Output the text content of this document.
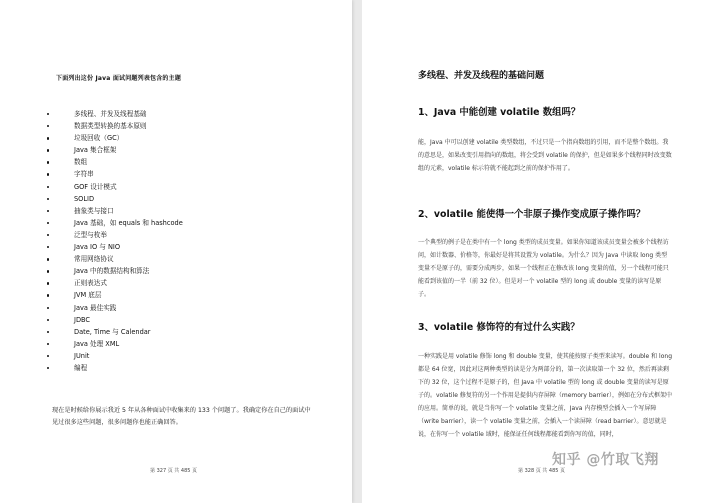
下面列出这份 Java 面试问题列表包含的主题
多线程、并发及线程基础
数据类型转换的基本原则
垃圾回收（GC）
Java 集合框架
数组
字符串
GOF 设计模式
SOLID
抽象类与接口
Java 基础，如 equals 和 hashcode
泛型与枚举
Java IO 与 NIO
常用网络协议
Java 中的数据结构和算法
正则表达式
JVM 底层
Java 最佳实践
JDBC
Date, Time 与 Calendar
Java 处理 XML
JUnit
编程
现在是时候给你展示我近 5 年从各种面试中收集来的 133 个问题了。我确定你在自己的面试中见过很多这些问题，很多问题你也能正确回答。
第 327 页 共 485 页
多线程、并发及线程的基础问题
1、Java 中能创建 volatile 数组吗？
能，Java 中可以创建 volatile 类型数组，不过只是一个指向数组的引用，而不是整个数组。我的意思是，如果改变引用指向的数组，将会受到 volatile 的保护，但是如果多个线程同时改变数组的元素，volatile 标示符就不能起到之前的保护作用了。
2、volatile 能使得一个非原子操作变成原子操作吗？
一个典型的例子是在类中有一个 long 类型的成员变量。如果你知道该成员变量会被多个线程访问，如计数器、价格等，你最好是将其设置为 volatile。为什么？因为 Java 中读取 long 类型变量不是原子的，需要分成两步，如果一个线程正在修改该 long 变量的值，另一个线程可能只能看到该值的一半（前 32 位）。但是对一个 volatile 型的 long 或 double 变量的读写是原子。
3、volatile 修饰符的有过什么实践？
一种实践是用 volatile 修饰 long 和 double 变量，使其能按原子类型来读写。double 和 long 都是 64 位宽，因此对这两种类型的读是分为两部分的，第一次读取第一个 32 位，然后再读剩下的 32 位，这个过程不是原子的，但 Java 中 volatile 型的 long 或 double 变量的读写是原子的。volatile 修复符的另一个作用是提供内存屏障（memory barrier），例如在分布式框架中的应用。简单的说，就是当你写一个 volatile 变量之前，Java 内存模型会插入一个写屏障（write barrier），读一个 volatile 变量之前，会插入一个读屏障（read barrier）。意思就是说，在你写一个 volatile 域时，能保证任何线程都能看到你写的值，同时，
第 328 页 共 485 页
知乎 @竹取飞翔
